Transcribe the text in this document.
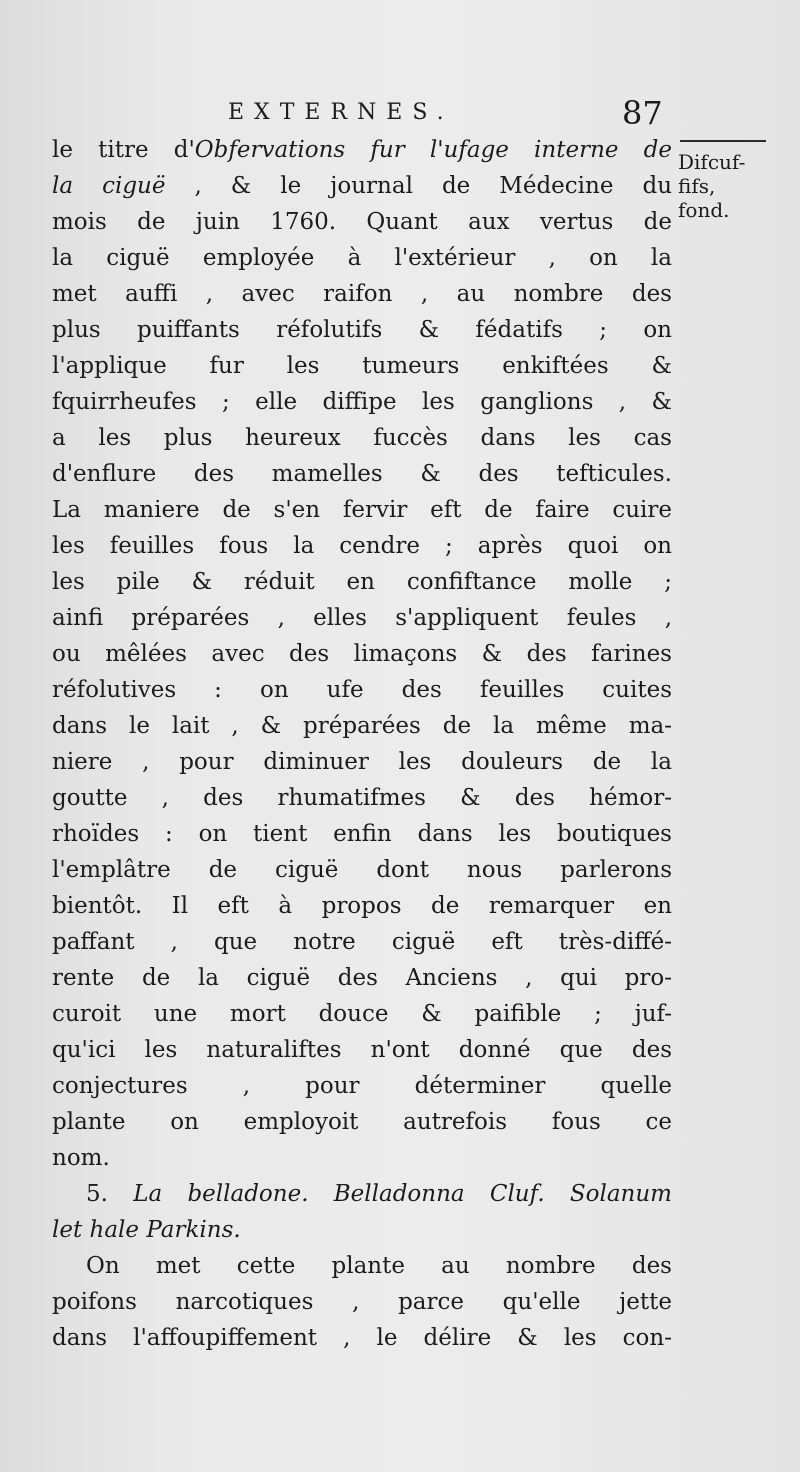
EXTERNES.	87
Difcuf-
fifs,
fond.
le titre d'Obfervations fur l'ufage interne de
la ciguë , & le journal de Médecine du
mois de juin 1760. Quant aux vertus de
la ciguë employée à l'extérieur , on la
met auffi , avec raifon , au nombre des
plus puiffants réfolutifs & fédatifs ; on
l'applique fur les tumeurs enkiftées &
fquirrheufes ; elle diffipe les ganglions , &
a les plus heureux fuccès dans les cas
d'enflure des mamelles & des tefticules.
La maniere de s'en fervir eft de faire cuire
les feuilles fous la cendre ; après quoi on
les pile & réduit en confiftance molle ;
ainfi préparées , elles s'appliquent feules ,
ou mêlées avec des limaçons & des farines
réfolutives : on ufe des feuilles cuites
dans le lait , & préparées de la même ma-
niere , pour diminuer les douleurs de la
goutte , des rhumatifmes & des hémor-
rhoïdes : on tient enfin dans les boutiques
l'emplâtre de ciguë dont nous parlerons
bientôt. Il eft à propos de remarquer en
paffant , que notre ciguë eft très-diffé-
rente de la ciguë des Anciens , qui pro-
curoit une mort douce & paifible ; juf-
qu'ici les naturaliftes n'ont donné que des
conjectures , pour déterminer quelle
plante on employoit autrefois fous ce
nom.
5. La belladone. Belladonna Cluf. Solanum
let hale Parkins.
On met cette plante au nombre des
poifons narcotiques , parce qu'elle jette
dans l'affoupiffement , le délire & les con-
